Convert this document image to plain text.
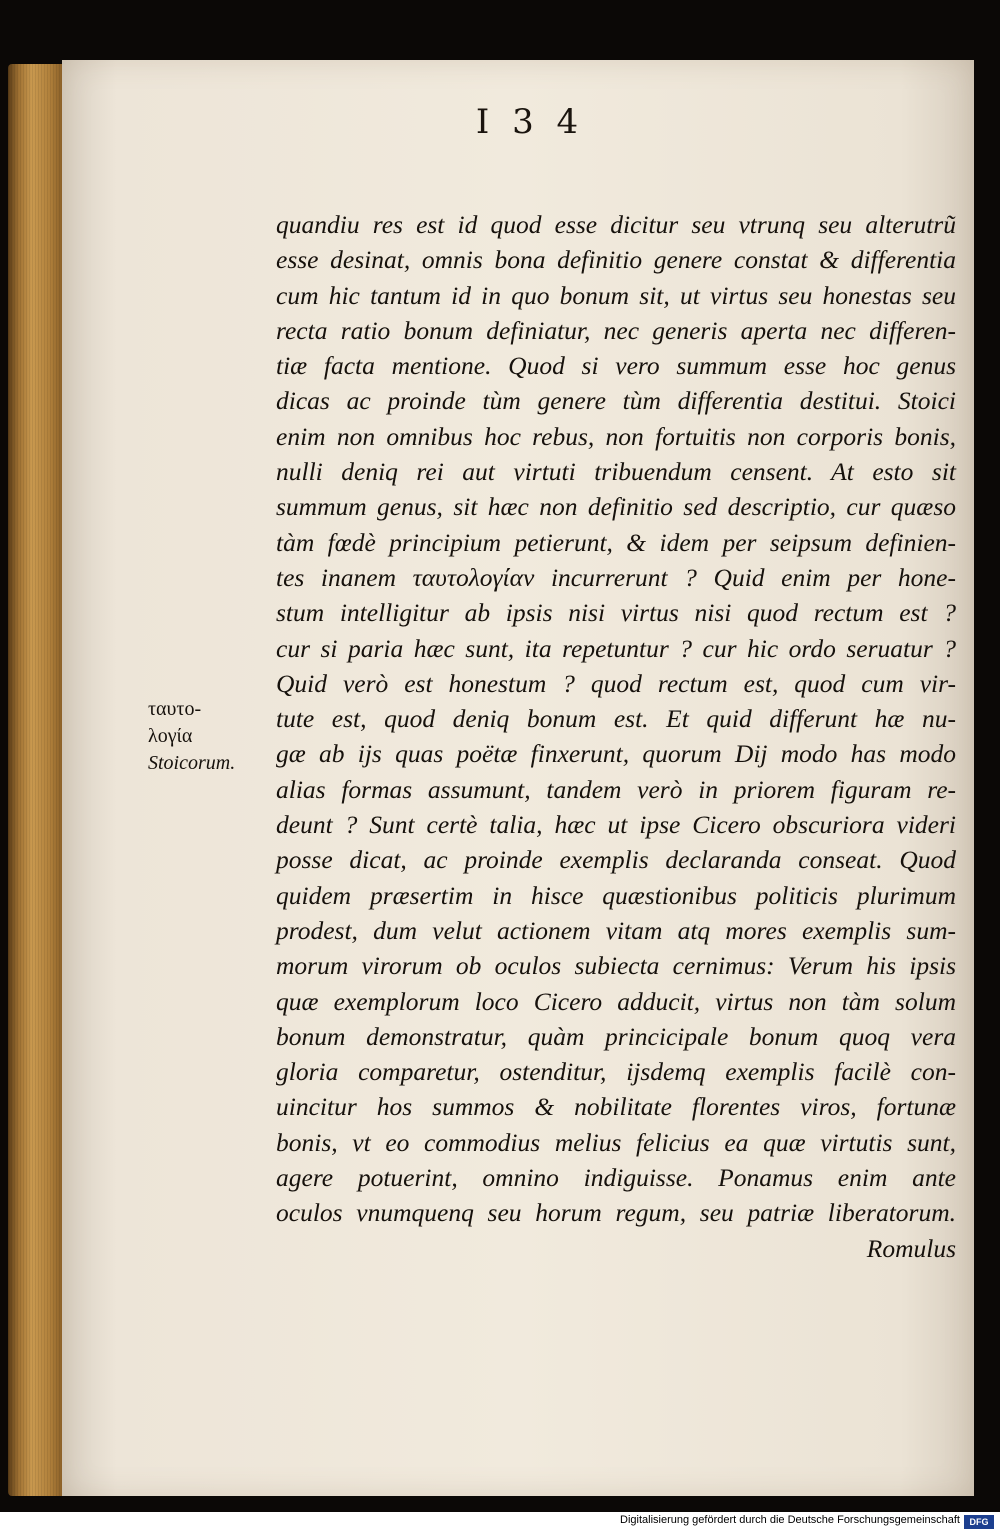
I 3 4
ταυτο-
λογία
Stoicorum.
quandiu res est id quod esse dicitur seu vtrunq seu alterutrũ
esse desinat, omnis bona definitio genere constat & differentia
cum hic tantum id in quo bonum sit, ut virtus seu honestas seu
recta ratio bonum definiatur, nec generis aperta nec differen-
tiæ facta mentione. Quod si vero summum esse hoc genus
dicas ac proinde tùm genere tùm differentia destitui. Stoici
enim non omnibus hoc rebus, non fortuitis non corporis bonis,
nulli deniq rei aut virtuti tribuendum censent. At esto sit
summum genus, sit hæc non definitio sed descriptio, cur quæso
tàm fœdè principium petierunt, & idem per seipsum definien-
tes inanem ταυτολογίαν incurrerunt ? Quid enim per hone-
stum intelligitur ab ipsis nisi virtus nisi quod rectum est ?
cur si paria hæc sunt, ita repetuntur ? cur hic ordo seruatur ?
Quid verò est honestum ? quod rectum est, quod cum vir-
tute est, quod deniq bonum est. Et quid differunt hæ nu-
gæ ab ijs quas poëtæ finxerunt, quorum Dij modo has modo
alias formas assumunt, tandem verò in priorem figuram re-
deunt ? Sunt certè talia, hæc ut ipse Cicero obscuriora videri
posse dicat, ac proinde exemplis declaranda conseat. Quod
quidem præsertim in hisce quæstionibus politicis plurimum
prodest, dum velut actionem vitam atq mores exemplis sum-
morum virorum ob oculos subiecta cernimus: Verum his ipsis
quæ exemplorum loco Cicero adducit, virtus non tàm solum
bonum demonstratur, quàm princicipale bonum quoq vera
gloria comparetur, ostenditur, ijsdemq exemplis facilè con-
uincitur hos summos & nobilitate florentes viros, fortunæ
bonis, vt eo commodius melius felicius ea quæ virtutis sunt,
agere potuerint, omnino indiguisse. Ponamus enim ante
oculos vnumquenq seu horum regum, seu patriæ liberatorum.
Romulus
Digitalisierung gefördert durch die Deutsche Forschungsgemeinschaft	DFG
